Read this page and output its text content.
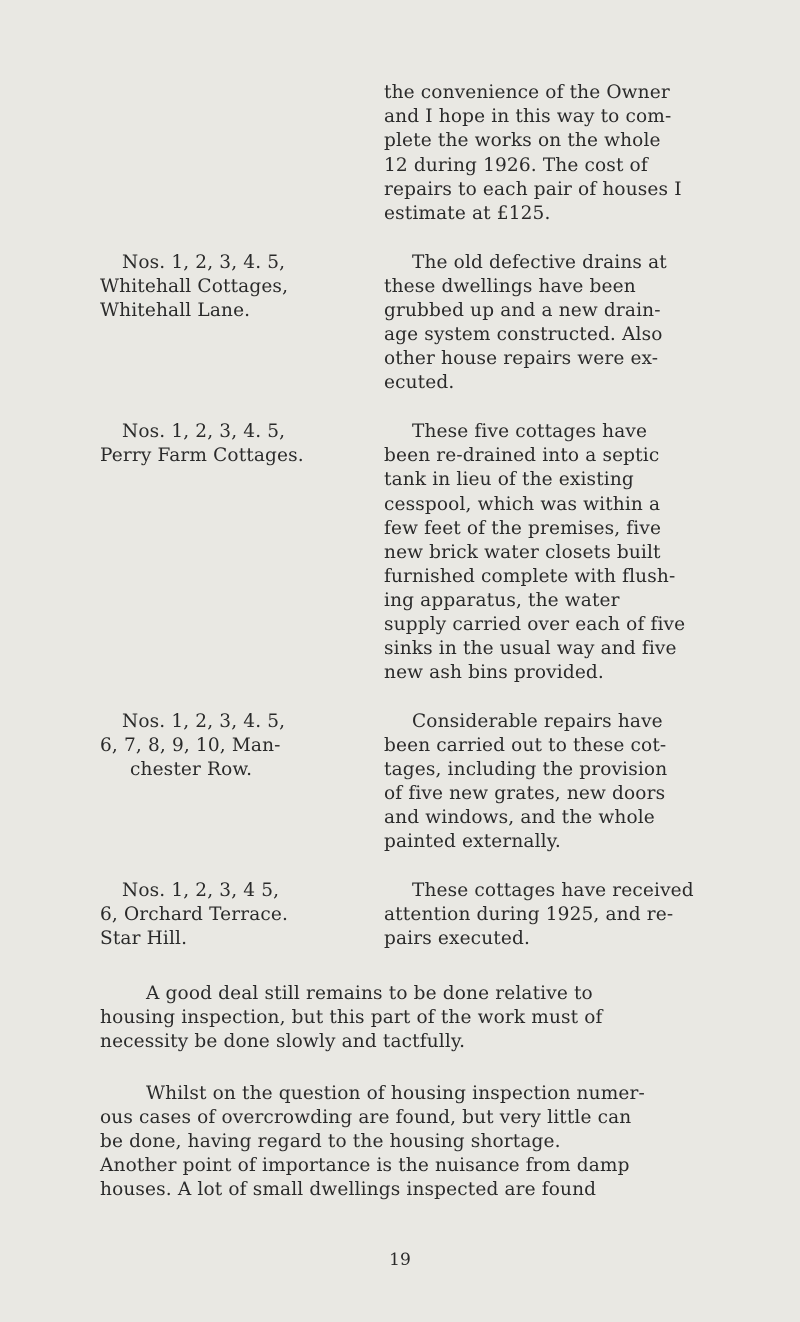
the convenience of the Owner
and I hope in this way to com-
plete the works on the whole
12 during 1926. The cost of
repairs to each pair of houses I
estimate at £125.
Nos. 1, 2, 3, 4. 5,
Whitehall Cottages,
Whitehall Lane.
The old defective drains at
these dwellings have been
grubbed up and a new drain-
age system constructed. Also
other house repairs were ex-
ecuted.
Nos. 1, 2, 3, 4. 5,
Perry Farm Cottages.
These five cottages have
been re-drained into a septic
tank in lieu of the existing
cesspool, which was within a
few feet of the premises, five
new brick water closets built
furnished complete with flush-
ing apparatus, the water
supply carried over each of five
sinks in the usual way and five
new ash bins provided.
Nos. 1, 2, 3, 4. 5,
6, 7, 8, 9, 10, Man-
chester Row.
Considerable repairs have
been carried out to these cot-
tages, including the provision
of five new grates, new doors
and windows, and the whole
painted externally.
Nos. 1, 2, 3, 4 5,
6, Orchard Terrace.
Star Hill.
These cottages have received
attention during 1925, and re-
pairs executed.
A good deal still remains to be done relative to
housing inspection, but this part of the work must of
necessity be done slowly and tactfully.
Whilst on the question of housing inspection numer-
ous cases of overcrowding are found, but very little can
be done, having regard to the housing shortage.
Another point of importance is the nuisance from damp
houses. A lot of small dwellings inspected are found
19
